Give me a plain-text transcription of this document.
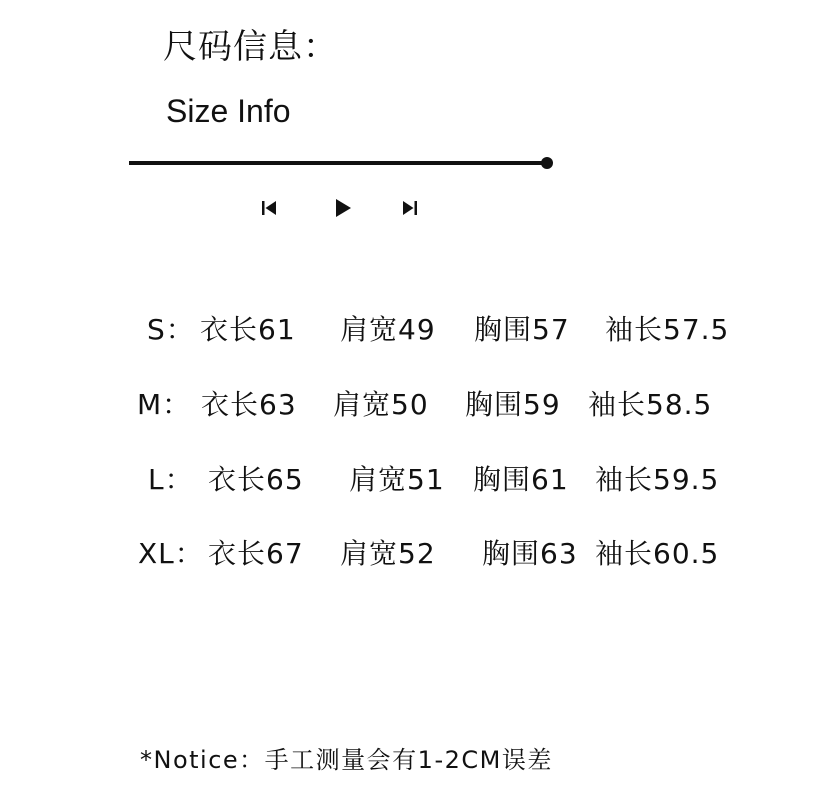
尺码信息：
Size Info
S： 衣长61 肩宽49 胸围57 袖长57.5
M： 衣长63 肩宽50 胸围59 袖长58.5
L： 衣长65 肩宽51 胸围61 袖长59.5
XL： 衣长67 肩宽52 胸围63 袖长60.5
*Notice：手工测量会有1-2CM误差
